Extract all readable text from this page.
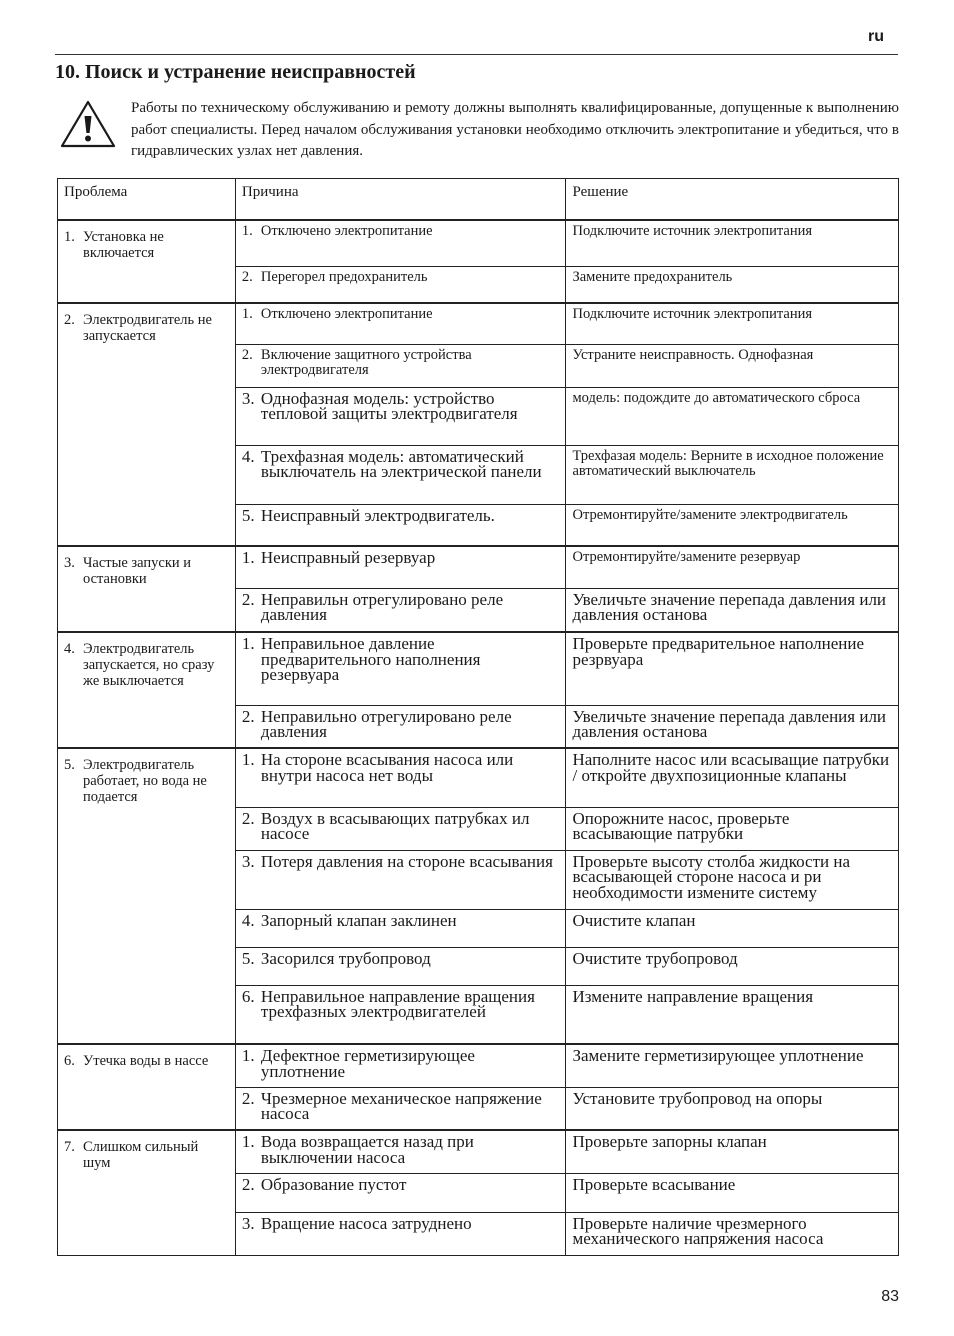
ru
10. Поиск и устранение неисправностей
Работы по техническому обслуживанию и ремоту должны выполнять квалифицированные, допущенные к выполнению работ специалисты. Перед началом обслуживания установки необходимо отключить электропитание и убедиться, что в гидравлических узлах нет давления.
Проблема	Причина	Решение

1. Установка не включается	1. Отключено электропитание	Подключите источник электропитания

	2. Перегорел предохранитель	Замените предохранитель

2. Электродвигатель не запускается	1. Отключено электропитание	Подключите источник электропитания

	2. Включение защитного устройства электродвигателя	Устраните неисправность. Однофазная

	3. Однофазная модель: устройство тепловой защиты электродвигателя	модель: подождите до автоматического сброса

	4. Трехфазная модель: автоматический выключатель на электрической панели	Трехфазая модель: Верните в исходное положение автоматический выключатель

	5. Неисправный электродвигатель.	Отремонтируйте/замените электродвигатель

3. Частые запуски и остановки	1. Неисправный резервуар	Отремонтируйте/замените резервуар

	2. Неправильн отрегулировано реле давления	Увеличьте значение перепада давления или давления останова

4. Электродвигатель запускается, но сразу же выключается	1. Неправильное давление предварительного наполнения резервуара	Проверьте предварительное наполнение резрвуара

	2. Неправильно отрегулировано реле давления	Увеличьте значение перепада давления или давления останова

5. Электродвигатель работает, но вода не подается	1. На стороне всасывания насоса или внутри насоса нет воды	Наполните насос или всасыващие патрубки / откройте двухпозиционные клапаны

	2. Воздух в всасывающих патрубках ил насосе	Опорожните насос, проверьте всасывающие патрубки

	3. Потеря давления на стороне всасывания	Проверьте высоту столба жидкости на всасывающей стороне насоса и ри необходимости измените систему

	4. Запорный клапан заклинен	Очистите клапан

	5. Засорился трубопровод	Очистите трубопровод

	6. Неправильное направление вращения трехфазных электродвигателей	Измените направление вращения

6. Утечка воды в нассе	1. Дефектное герметизирующее уплотнение	Замените герметизирующее уплотнение

	2. Чрезмерное механическое напряжение насоса	Установите трубопровод на опоры

7. Слишком сильный шум	1. Вода возвращается назад при выключении насоса	Проверьте запорны клапан

	2. Образование пустот	Проверьте всасывание

	3. Вращение насоса затруднено	Проверьте наличие чрезмерного механического напряжения насоса
83
